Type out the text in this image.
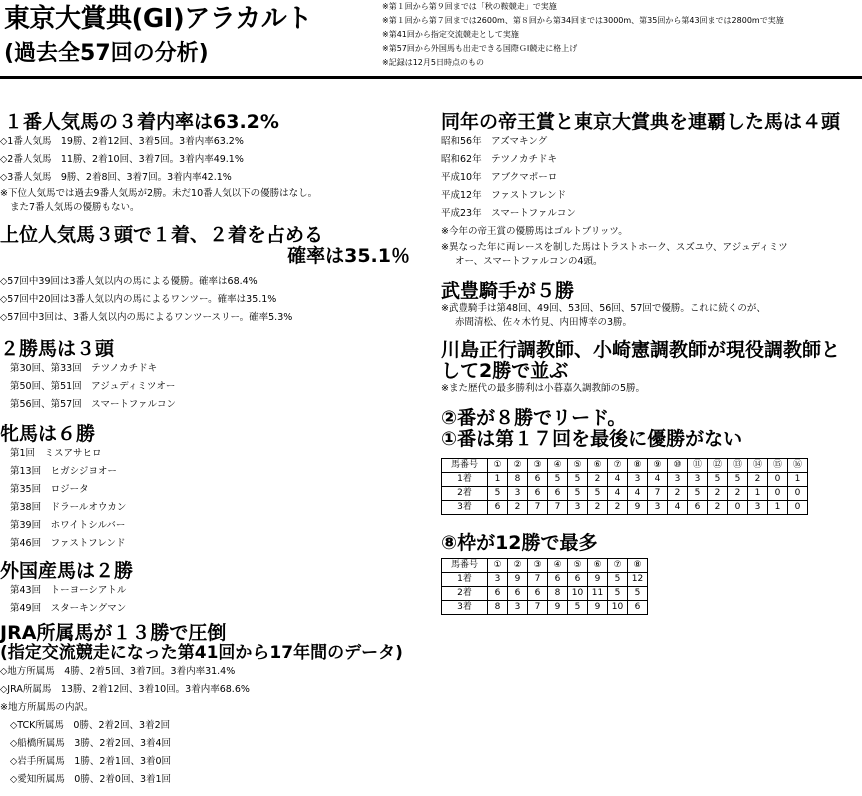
東京大賞典(GI)アラカルト
(過去全57回の分析)
※第１回から第９回までは「秋の鞍競走」で実施
※第１回から第７回までは2600m、第８回から第34回までは3000m、第35回から第43回までは2800mで実施
※第41回から指定交流競走として実施
※第57回から外国馬も出走できる国際ＧⅠ競走に格上げ
※記録は12月5日時点のもの
１番人気馬の３着内率は63.2%
◇1番人気馬　19勝、2着12回、3着5回。3着内率63.2%
◇2番人気馬　11勝、2着10回、3着7回。3着内率49.1%
◇3番人気馬　9勝、2着8回、3着7回。3着内率42.1%
※下位人気馬では過去9番人気馬が2勝。未だ10番人気以下の優勝はなし。
また7番人気馬の優勝もない。
上位人気馬３頭で１着、２着を占める
確率は35.1％
◇57回中39回は3番人気以内の馬による優勝。確率は68.4%
◇57回中20回は3番人気以内の馬によるワンツー。確率は35.1%
◇57回中3回は、3番人気以内の馬によるワンツースリー。確率5.3%
２勝馬は３頭
第30回、第33回　テツノカチドキ
第50回、第51回　アジュディミツオー
第56回、第57回　スマートファルコン
牝馬は６勝
第1回　ミスアサヒロ
第13回　ヒガシジヨオー
第35回　ロジータ
第38回　ドラールオウカン
第39回　ホワイトシルバー
第46回　ファストフレンド
外国産馬は２勝
第43回　トーヨーシアトル
第49回　スターキングマン
JRA所属馬が１３勝で圧倒
(指定交流競走になった第41回から17年間のデータ)
◇地方所属馬　4勝、2着5回、3着7回。3着内率31.4%
◇JRA所属馬　13勝、2着12回、3着10回。3着内率68.6%
※地方所属馬の内訳。
◇TCK所属馬　0勝、2着2回、3着2回
◇船橋所属馬　3勝、2着2回、3着4回
◇岩手所属馬　1勝、2着1回、3着0回
◇愛知所属馬　0勝、2着0回、3着1回
同年の帝王賞と東京大賞典を連覇した馬は４頭
昭和56年　アズマキング
昭和62年　テツノカチドキ
平成10年　アブクマポーロ
平成12年　ファストフレンド
平成23年　スマートファルコン
※今年の帝王賞の優勝馬はゴルトブリッツ。
※異なった年に両レースを制した馬はトラストホーク、スズユウ、アジュディミツ
オー、スマートファルコンの4頭。
武豊騎手が５勝
※武豊騎手は第48回、49回、53回、56回、57回で優勝。これに続くのが、
赤間清松、佐々木竹見、内田博幸の3勝。
川島正行調教師、小崎憲調教師が現役調教師と
して2勝で並ぶ
※また歴代の最多勝利は小暮嘉久調教師の5勝。
②番が８勝でリード。
①番は第１７回を最後に優勝がない
馬番号	①	②	③	④	⑤	⑥	⑦	⑧	⑨	⑩	⑪	⑫	⑬	⑭	⑮	⑯
1着	1	8	6	5	5	2	4	3	4	3	3	5	5	2	0	1
2着	5	3	6	6	5	5	4	4	7	2	5	2	2	1	0	0
3着	6	2	7	7	3	2	2	9	3	4	6	2	0	3	1	0
⑧枠が12勝で最多
馬番号	①	②	③	④	⑤	⑥	⑦	⑧
1着	3	9	7	6	6	9	5	12
2着	6	6	6	8	10	11	5	5
3着	8	3	7	9	5	9	10	6
